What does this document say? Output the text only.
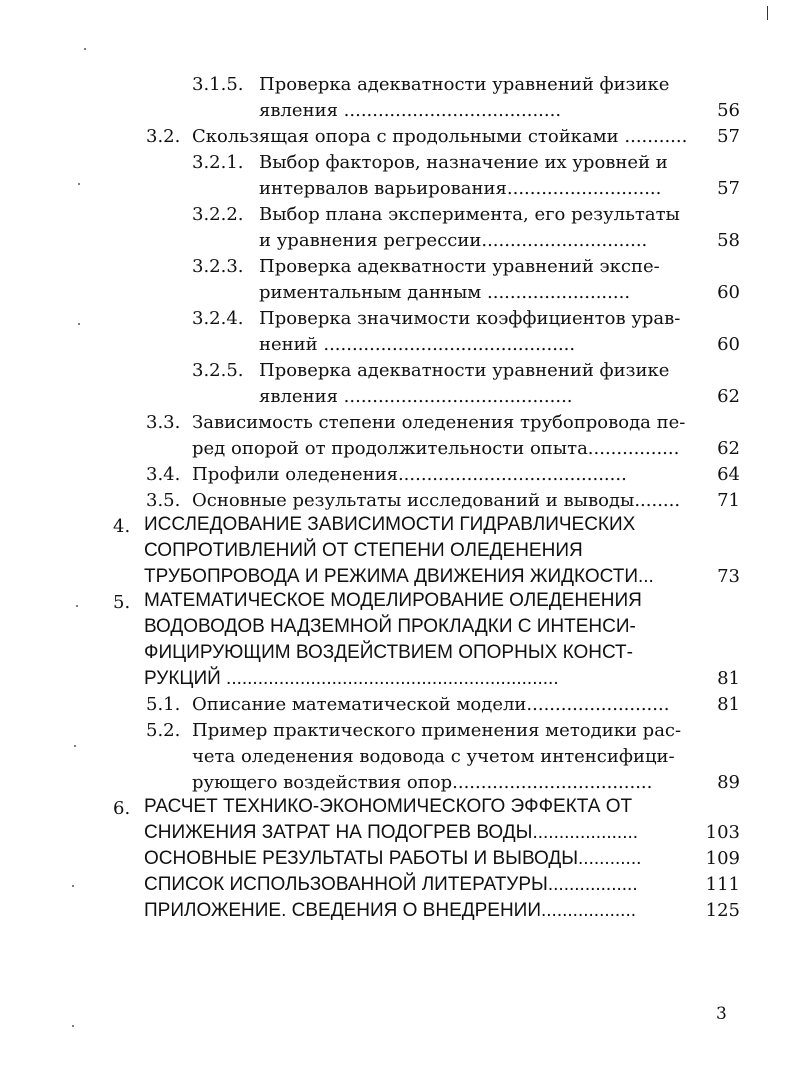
3.1.5. Проверка адекватности уравнений физике
явления ......................................	56
3.2. Скользящая опора с продольными стойками ........... 57
3.2.1. Выбор факторов, назначение их уровней и
интервалов варьирования...........................	57
3.2.2. Выбор плана эксперимента, его результаты
и уравнения регрессии.............................	58
3.2.3. Проверка адекватности уравнений экспе-
риментальным данным .........................	60
3.2.4. Проверка значимости коэффициентов урав-
нений ............................................	60
3.2.5. Проверка адекватности уравнений физике
явления ........................................	62
3.3. Зависимость степени оледенения трубопровода пе-
ред опорой от продолжительности опыта................	62
3.4. Профили оледенения........................................	64
3.5. Основные результаты исследований и выводы........	71
4. ИССЛЕДОВАНИЕ ЗАВИСИМОСТИ ГИДРАВЛИЧЕСКИХ
СОПРОТИВЛЕНИЙ ОТ СТЕПЕНИ ОЛЕДЕНЕНИЯ
ТРУБОПРОВОДА И РЕЖИМА ДВИЖЕНИЯ ЖИДКОСТИ...	73
5. МАТЕМАТИЧЕСКОЕ МОДЕЛИРОВАНИЕ ОЛЕДЕНЕНИЯ
ВОДОВОДОВ НАДЗЕМНОЙ ПРОКЛАДКИ С ИНТЕНСИ-
ФИЦИРУЮЩИМ ВОЗДЕЙСТВИЕМ ОПОРНЫХ КОНСТ-
РУКЦИЙ ...............................................................	81
5.1. Описание математической модели.........................	81
5.2. Пример практического применения методики рас-
чета оледенения водовода с учетом интенсифици-
рующего воздействия опор...................................	89
6. РАСЧЕТ ТЕХНИКО-ЭКОНОМИЧЕСКОГО ЭФФЕКТА ОТ
СНИЖЕНИЯ ЗАТРАТ НА ПОДОГРЕВ ВОДЫ....................	103
ОСНОВНЫЕ РЕЗУЛЬТАТЫ РАБОТЫ И ВЫВОДЫ............	109
СПИСОК ИСПОЛЬЗОВАННОЙ ЛИТЕРАТУРЫ.................	111
ПРИЛОЖЕНИЕ. СВЕДЕНИЯ О ВНЕДРЕНИИ..................	125
3
